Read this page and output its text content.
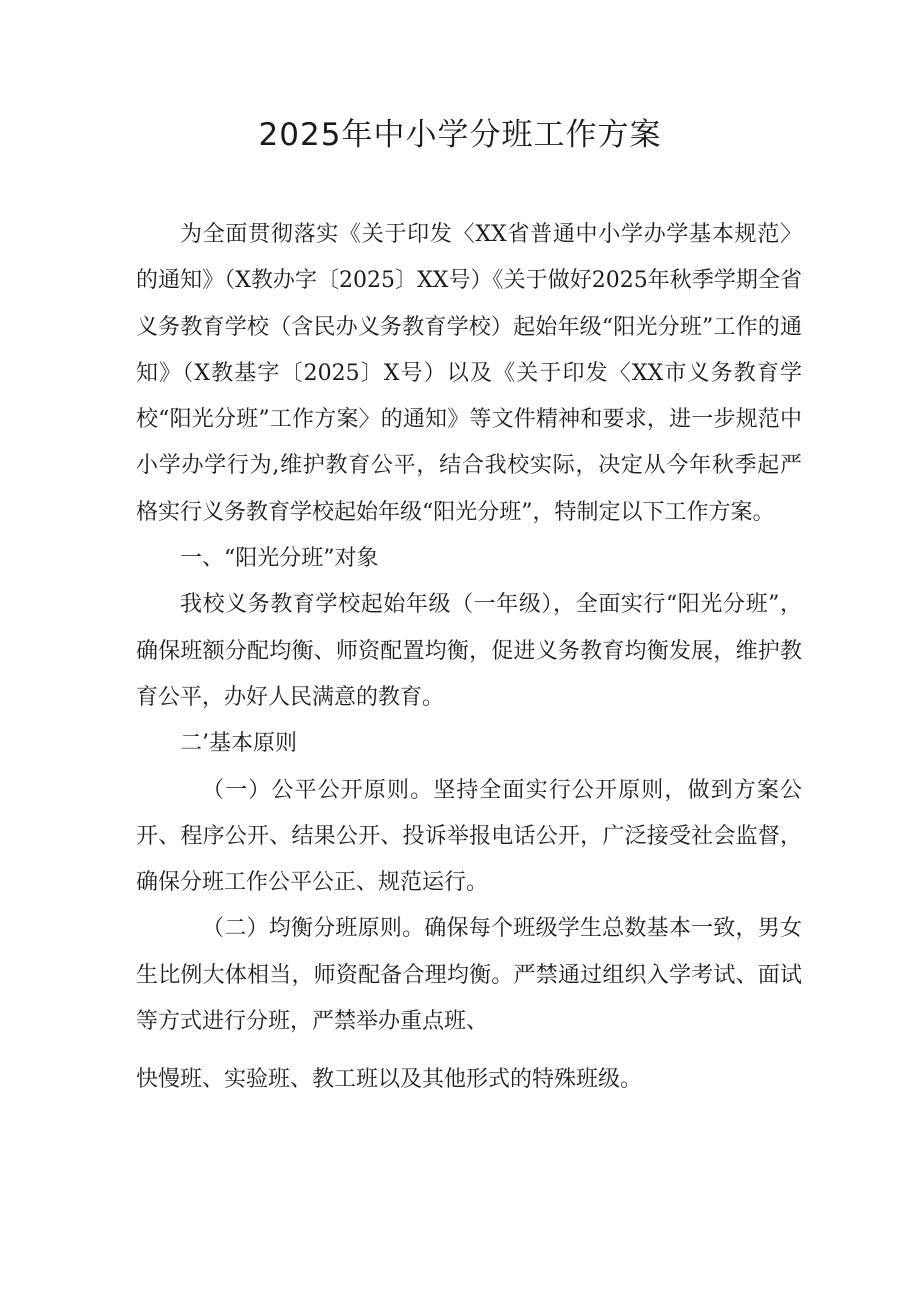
2025年中小学分班工作方案

为全面贯彻落实《关于印发〈XX省普通中小学办学基本规范〉的通知》（X教办字〔2025〕XX号）《关于做好2025年秋季学期全省义务教育学校（含民办义务教育学校）起始年级“阳光分班”工作的通知》（X教基字〔2025〕X号）以及《关于印发〈XX市义务教育学校“阳光分班”工作方案〉的通知》等文件精神和要求，进一步规范中小学办学行为,维护教育公平，结合我校实际，决定从今年秋季起严格实行义务教育学校起始年级“阳光分班”，特制定以下工作方案。

一、“阳光分班”对象

我校义务教育学校起始年级（一年级），全面实行“阳光分班”，确保班额分配均衡、师资配置均衡，促进义务教育均衡发展，维护教育公平，办好人民满意的教育。

二’基本原则

（一）公平公开原则。坚持全面实行公开原则，做到方案公开、程序公开、结果公开、投诉举报电话公开，广泛接受社会监督，确保分班工作公平公正、规范运行。

（二）均衡分班原则。确保每个班级学生总数基本一致，男女生比例大体相当，师资配备合理均衡。严禁通过组织入学考试、面试等方式进行分班，严禁举办重点班、

快慢班、实验班、教工班以及其他形式的特殊班级。
